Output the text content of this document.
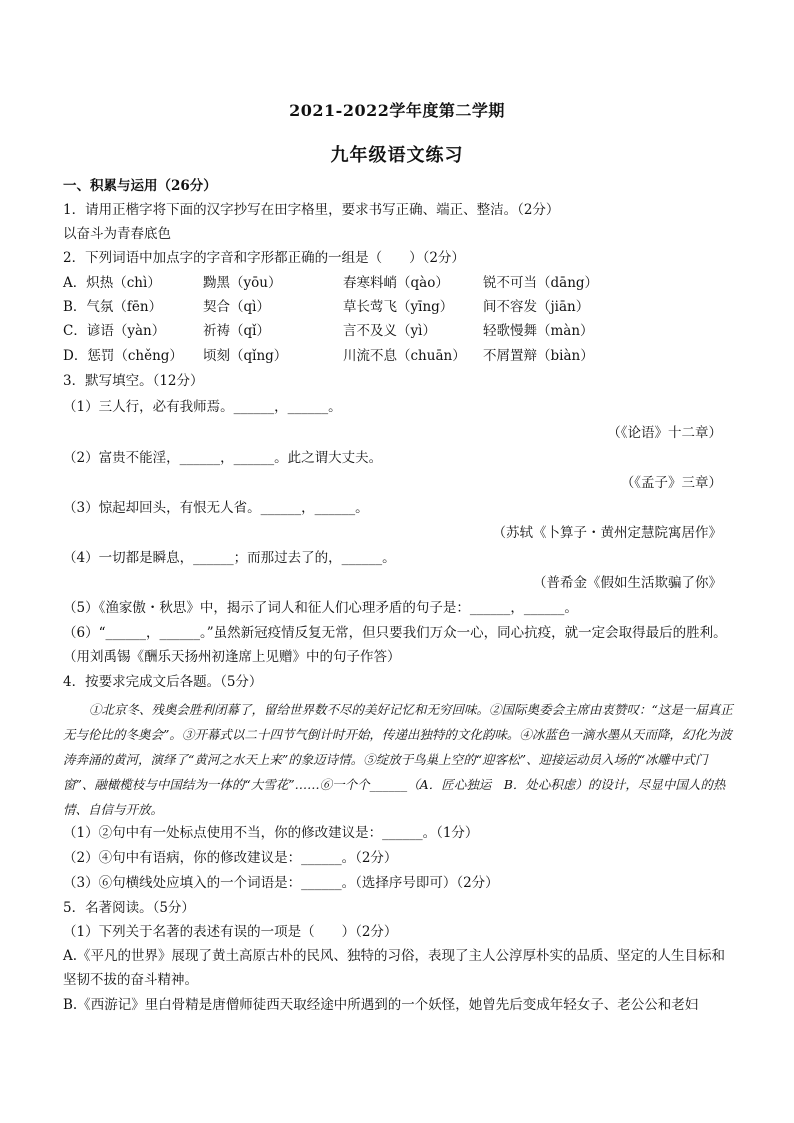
2021-2022学年度第二学期
九年级语文练习
一、积累与运用（26分）
1．请用正楷字将下面的汉字抄写在田字格里，要求书写正确、端正、整洁。（2分）
以奋斗为青春底色
2．下列词语中加点字的字音和字形都正确的一组是（　　）（2分）
A．炽热（chì）	黝黑（yōu）	春寒料峭（qào）	锐不可当（dāng）
B．气氛（fēn）	契合（qì）	草长莺飞（yīng） 间不容发（jiān）
C．谚语（yàn）	祈祷（qǐ）	言不及义（yì）	轻歌慢舞（màn）
D．惩罚（chěng） 顷刻（qǐng）	川流不息（chuān） 不屑置辩（biàn）
3．默写填空。（12分）
（1）三人行，必有我师焉。______，______。
（《论语》十二章）
（2）富贵不能淫，______，______。此之谓大丈夫。
（《孟子》三章）
（3）惊起却回头，有恨无人省。______，______。
（苏轼《卜算子・黄州定慧院寓居作》
（4）一切都是瞬息，______；而那过去了的，______。
（普希金《假如生活欺骗了你》
（5）《渔家傲・秋思》中，揭示了词人和征人们心理矛盾的句子是：______，______。
（6）“______，______。”虽然新冠疫情反复无常，但只要我们万众一心，同心抗疫，就一定会取得最后的胜利。（用刘禹锡《酬乐天扬州初逢席上见赠》中的句子作答）
4．按要求完成文后各题。（5分）
①北京冬、残奥会胜利闭幕了，留给世界数不尽的美好记忆和无穷回味。②国际奥委会主席由衷赞叹：“这是一届真正无与伦比的冬奥会”。③开幕式以二十四节气倒计时开始，传递出独特的文化韵味。④冰蓝色一滴水墨从天而降，幻化为波涛奔涌的黄河，演绎了“黄河之水天上来”的象迈诗情。⑤绽放于鸟巢上空的“迎客松”、迎接运动员入场的“冰雕中式门窗”、融橄榄枝与中国结为一体的“大雪花”……⑥一个个______（A．匠心独运　B．处心积虑）的设计，尽显中国人的热情、自信与开放。
（1）②句中有一处标点使用不当，你的修改建议是：______。（1分）
（2）④句中有语病，你的修改建议是：______。（2分）
（3）⑥句横线处应填入的一个词语是：______。（选择序号即可）（2分）
5．名著阅读。（5分）
（1）下列关于名著的表述有误的一项是（　　）（2分）
A.《平凡的世界》展现了黄土高原古朴的民风、独特的习俗，表现了主人公淳厚朴实的品质、坚定的人生目标和坚韧不拔的奋斗精神。
B.《西游记》里白骨精是唐僧师徒西天取经途中所遇到的一个妖怪，她曾先后变成年轻女子、老公公和老妇
